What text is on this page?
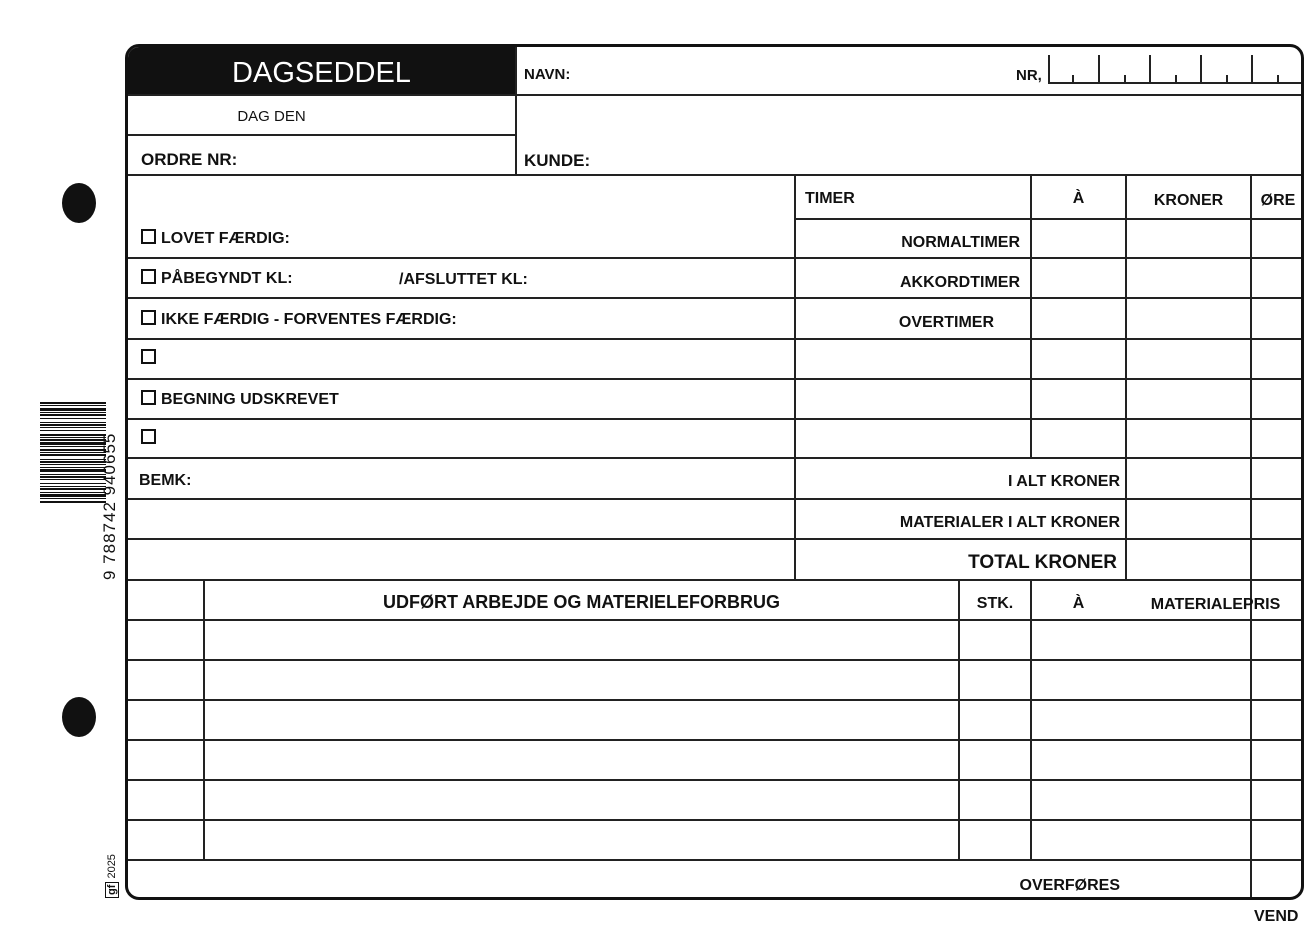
9 788742 940655
gf 2025
DAGSEDDEL	NAVN:	NR,
DAG DEN
ORDRE NR:	KUNDE:
LOVET FÆRDIG:
PÅBEGYNDT KL:	/AFSLUTTET KL:
IKKE FÆRDIG - FORVENTES FÆRDIG:
BEGNING UDSKREVET
BEMK:
TIMER	À	KRONER	ØRE
NORMALTIMER
AKKORDTIMER
OVERTIMER
I ALT KRONER
MATERIALER I ALT KRONER
TOTAL KRONER
UDFØRT ARBEJDE OG MATERIELEFORBRUG	STK.	À	MATERIALEPRIS
OVERFØRES
VEND
